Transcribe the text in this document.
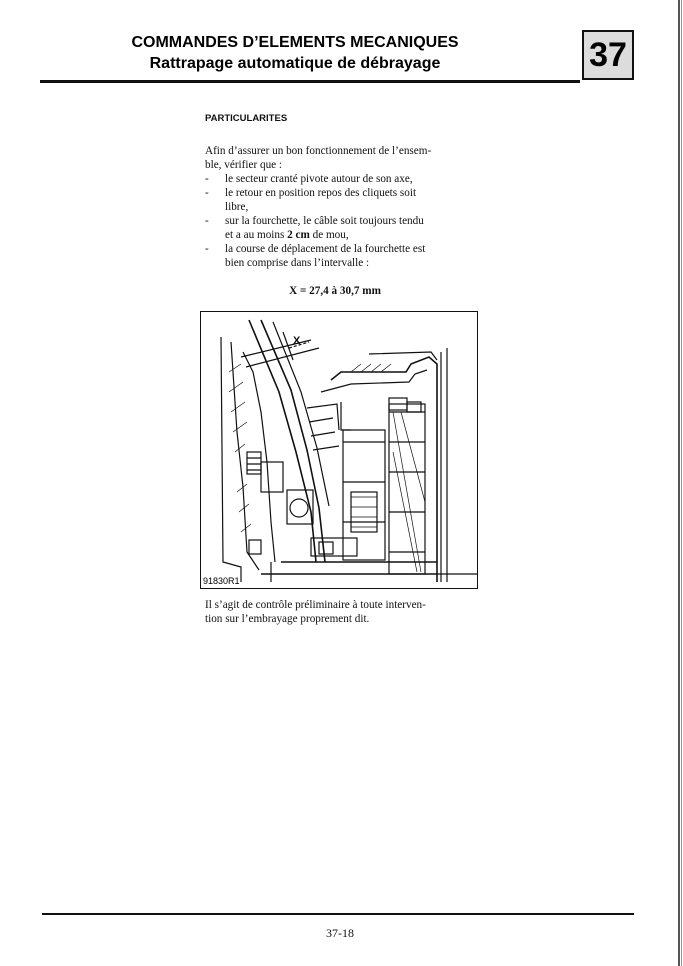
COMMANDES D’ELEMENTS MECANIQUES
Rattrapage automatique de débrayage	37
PARTICULARITES

Afin d’assurer un bon fonctionnement de l’ensem-
ble, vérifier que :

- le secteur cranté pivote autour de son axe,
- le retour en position repos des cliquets soit
libre,
- sur la fourchette, le câble soit toujours tendu
et a au moins 2 cm de mou,
- la course de déplacement de la fourchette est
bien comprise dans l’intervalle :
X = 27,4 à 30,7 mm
X
91830R1
Il s’agit de contrôle préliminaire à toute interven-
tion sur l’embrayage proprement dit.
37-18
